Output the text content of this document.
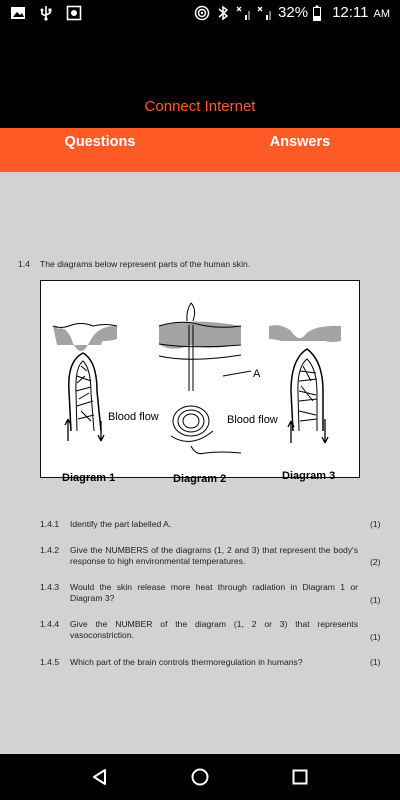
32% 12:11 AM
Connect Internet
Questions	Answers
1.4 The diagrams below represent parts of the human skin.
A
Blood flow	Blood flow
Diagram 1	Diagram 2	Diagram 3
1.4.1 Identify the part labelled A.	(1)
1.4.2 Give the NUMBERS of the diagrams (1, 2 and 3) that represent the body's response to high environmental temperatures.	(2)
1.4.3 Would the skin release more heat through radiation in Diagram 1 or Diagram 3?	(1)
1.4.4 Give the NUMBER of the diagram (1, 2 or 3) that represents vasoconstriction.	(1)
1.4.5 Which part of the brain controls thermoregulation in humans?	(1)
